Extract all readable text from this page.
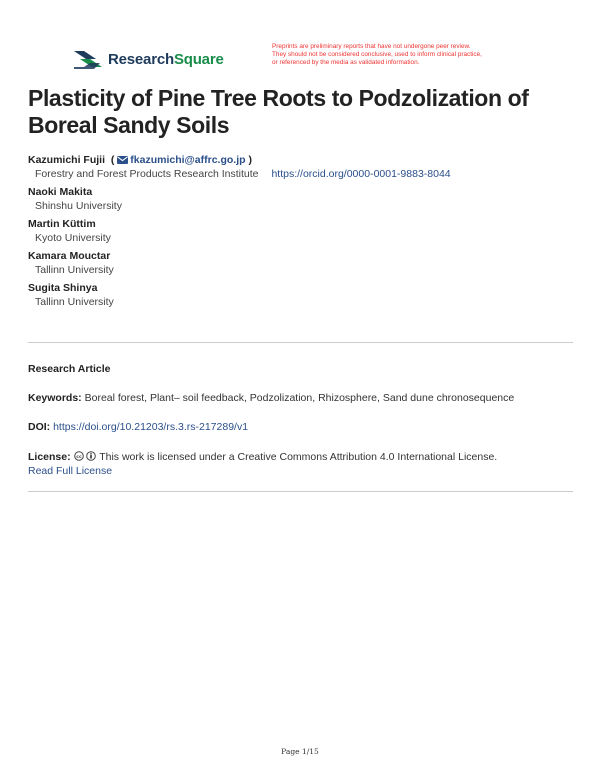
ResearchSquare
Preprints are preliminary reports that have not undergone peer review.
They should not be considered conclusive, used to inform clinical practice,
or referenced by the media as validated information.
Plasticity of Pine Tree Roots to Podzolization of Boreal Sandy Soils
Kazumichi Fujii  ( fkazumichi@affrc.go.jp )
Forestry and Forest Products Research Institute https://orcid.org/0000-0001-9883-8044
Naoki Makita
Shinshu University
Martin Küttim
Kyoto University
Kamara Mouctar
Tallinn University
Sugita Shinya
Tallinn University
Research Article
Keywords: Boreal forest, Plant– soil feedback, Podzolization, Rhizosphere, Sand dune chronosequence
DOI: https://doi.org/10.21203/rs.3.rs-217289/v1
License: cc This work is licensed under a Creative Commons Attribution 4.0 International License.
Read Full License
Page 1/15
